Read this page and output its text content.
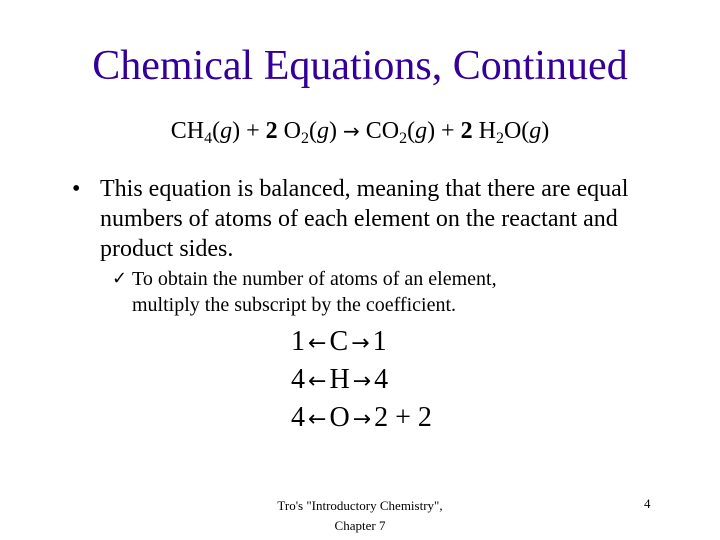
Chemical Equations, Continued
$CH_4(g) + 2$ $O_2(g) \to CO_2(g) + 2$ $H_2O(g)$
• This equation is balanced, meaning that there are equal numbers of atoms of each element on the reactant and product sides.
✓ To obtain the number of atoms of an element,
multiply the subscript by the coefficient.
1 ← C → 1
4 ← H → 4
4 ← O → 2 + 2
Tro's "Introductory Chemistry",
Chapter 7
4
